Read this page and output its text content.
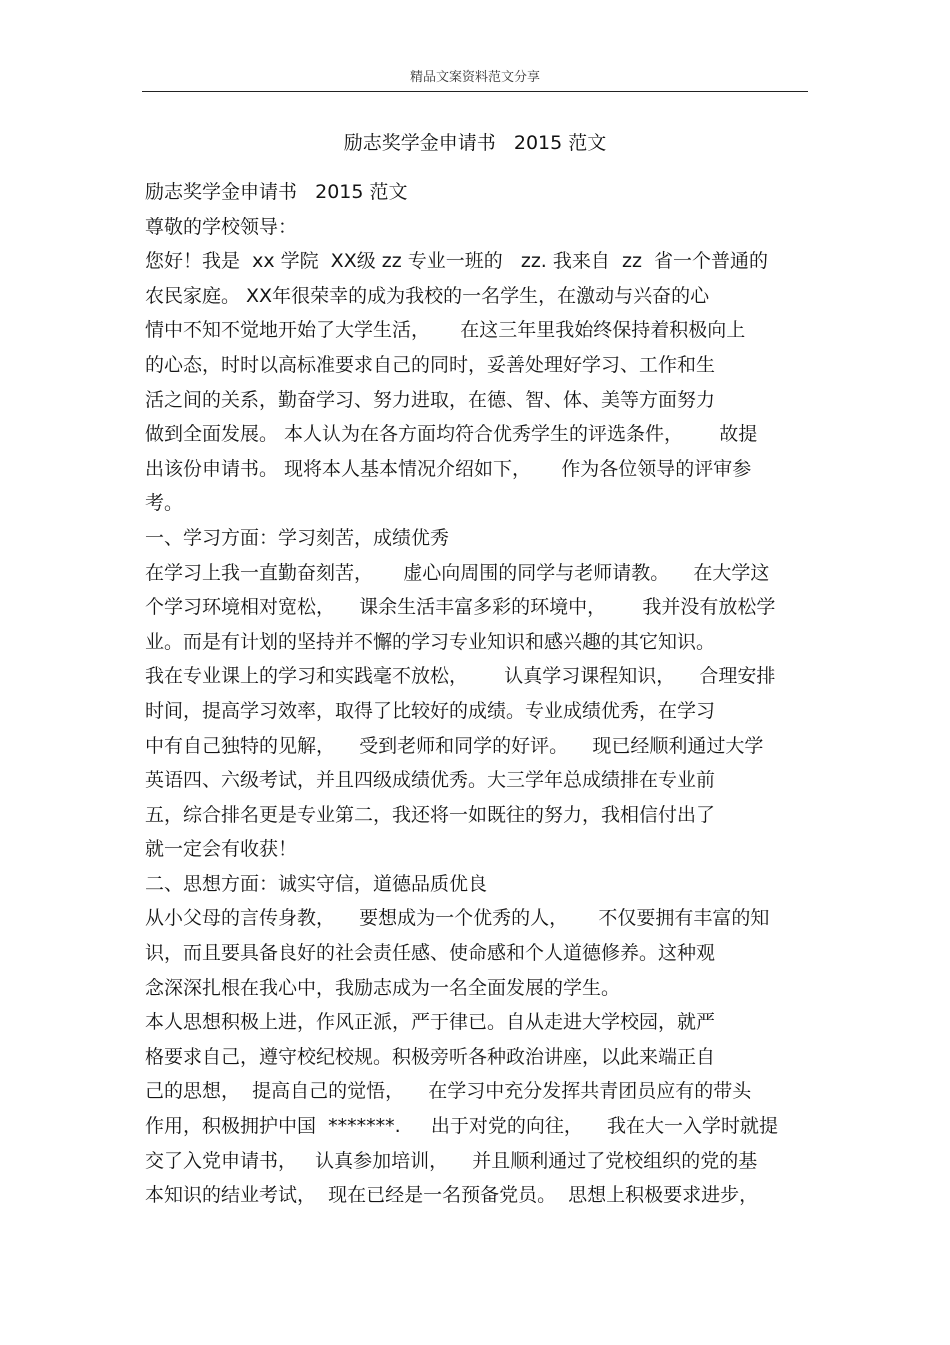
精品文案资料范文分享
励志奖学金申请书   2015 范文
励志奖学金申请书   2015 范文
尊敬的学校领导：
您好！我是  xx 学院  XX级 zz 专业一班的   zz. 我来自  zz  省一个普通的
农民家庭。 XX年很荣幸的成为我校的一名学生，在激动与兴奋的心
情中不知不觉地开始了大学生活，     在这三年里我始终保持着积极向上
的心态，时时以高标准要求自己的同时，妥善处理好学习、工作和生
活之间的关系，勤奋学习、努力进取，在德、智、体、美等方面努力
做到全面发展。 本人认为在各方面均符合优秀学生的评选条件，      故提
出该份申请书。 现将本人基本情况介绍如下，     作为各位领导的评审参
考。
一、学习方面：学习刻苦，成绩优秀
在学习上我一直勤奋刻苦，     虚心向周围的同学与老师请教。    在大学这
个学习环境相对宽松，    课余生活丰富多彩的环境中，      我并没有放松学
业。而是有计划的坚持并不懈的学习专业知识和感兴趣的其它知识。
我在专业课上的学习和实践毫不放松，      认真学习课程知识，    合理安排
时间，提高学习效率，取得了比较好的成绩。专业成绩优秀，在学习
中有自己独特的见解，    受到老师和同学的好评。    现已经顺利通过大学
英语四、六级考试，并且四级成绩优秀。大三学年总成绩排在专业前
五，综合排名更是专业第二，我还将一如既往的努力，我相信付出了
就一定会有收获！
二、思想方面：诚实守信，道德品质优良
从小父母的言传身教，    要想成为一个优秀的人，     不仅要拥有丰富的知
识，而且要具备良好的社会责任感、使命感和个人道德修养。这种观
念深深扎根在我心中，我励志成为一名全面发展的学生。
本人思想积极上进，作风正派，严于律已。自从走进大学校园，就严
格要求自己，遵守校纪校规。积极旁听各种政治讲座，以此来端正自
己的思想，  提高自己的觉悟，    在学习中充分发挥共青团员应有的带头
作用，积极拥护中国  *******.     出于对党的向往，    我在大一入学时就提
交了入党申请书，   认真参加培训，    并且顺利通过了党校组织的党的基
本知识的结业考试，  现在已经是一名预备党员。  思想上积极要求进步，
